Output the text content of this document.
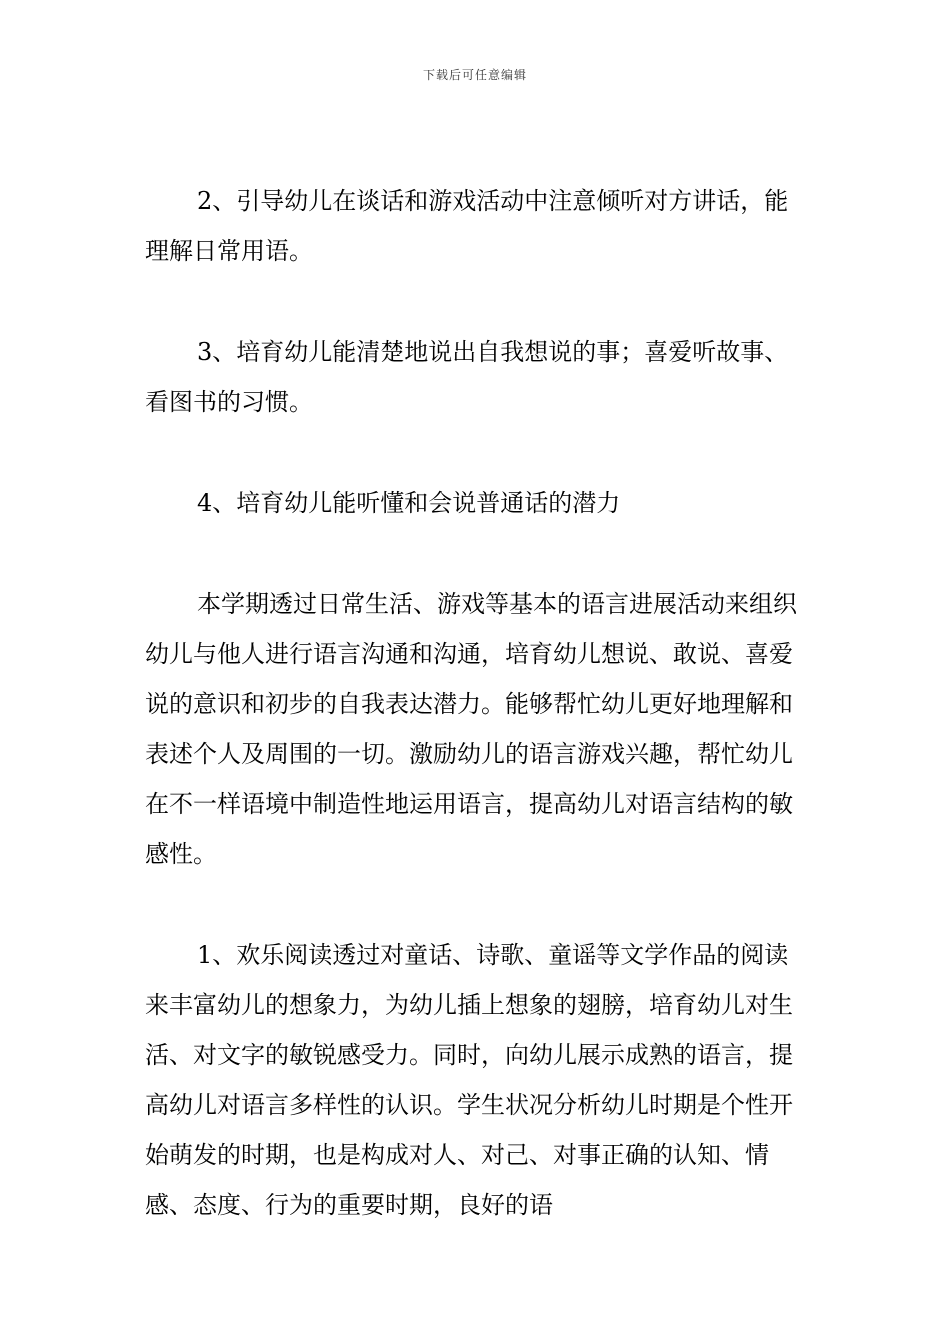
下载后可任意编辑

2、引导幼儿在谈话和游戏活动中注意倾听对方讲话，能理解日常用语。

3、培育幼儿能清楚地说出自我想说的事；喜爱听故事、看图书的习惯。

4、培育幼儿能听懂和会说普通话的潜力

本学期透过日常生活、游戏等基本的语言进展活动来组织幼儿与他人进行语言沟通和沟通，培育幼儿想说、敢说、喜爱说的意识和初步的自我表达潜力。能够帮忙幼儿更好地理解和表述个人及周围的一切。激励幼儿的语言游戏兴趣，帮忙幼儿在不一样语境中制造性地运用语言，提高幼儿对语言结构的敏感性。

1、欢乐阅读透过对童话、诗歌、童谣等文学作品的阅读来丰富幼儿的想象力，为幼儿插上想象的翅膀，培育幼儿对生活、对文字的敏锐感受力。同时，向幼儿展示成熟的语言，提高幼儿对语言多样性的认识。学生状况分析幼儿时期是个性开始萌发的时期，也是构成对人、对己、对事正确的认知、情感、态度、行为的重要时期，良好的语
